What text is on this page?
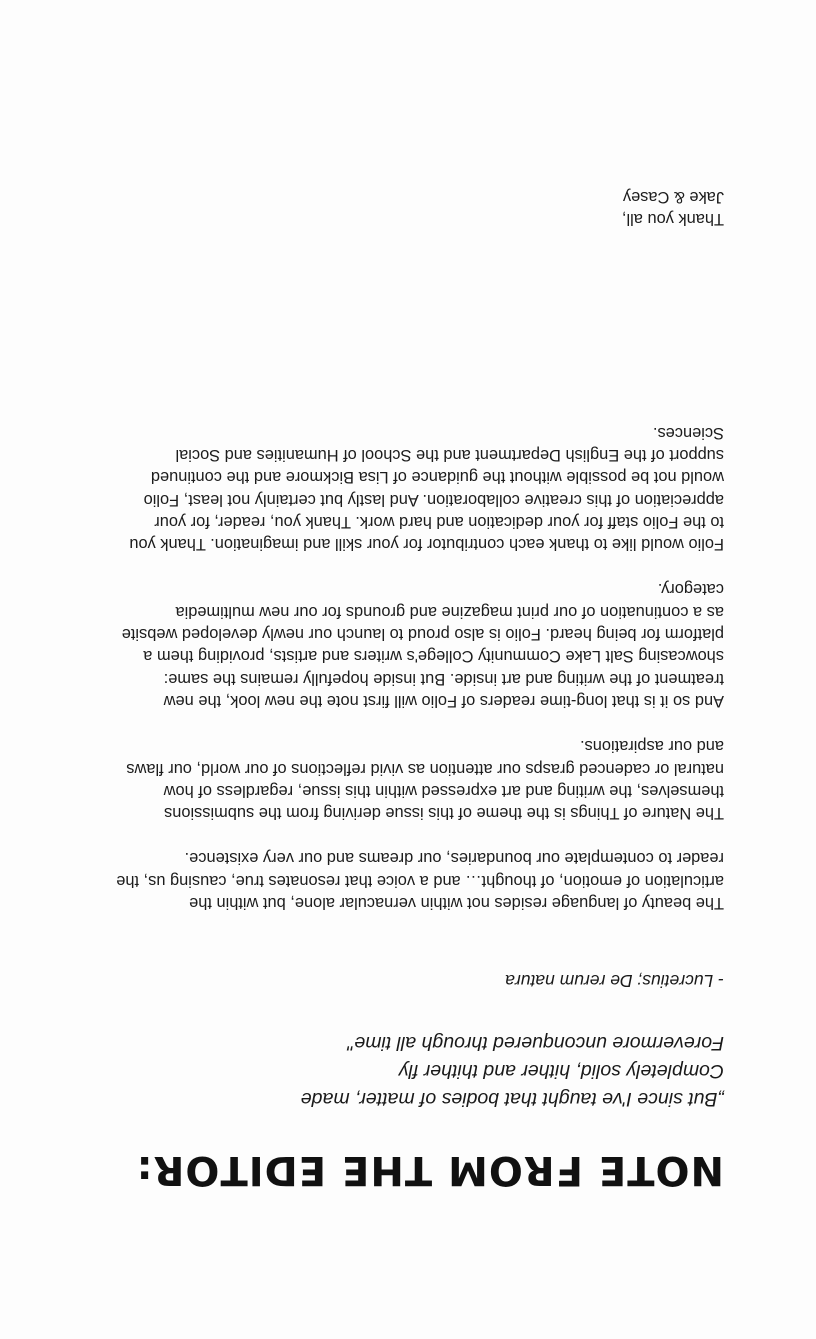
NOTE FROM THE EDITOR:

„But since I've taught that bodies of matter, made

Completely solid, hither and thither fly

Forevermore unconquered through all time"

- Lucretius; De rerum natura

The beauty of language resides not within vernacular alone, but within the articulation of emotion, of thought… and a voice that resonates true, causing us, the reader to contemplate our boundaries, our dreams and our very existence.

The Nature of Things is the theme of this issue deriving from the submissions themselves, the writing and art expressed within this issue, regardless of how natural or cadenced grasps our attention as vivid reflections of our world, our flaws and our aspirations.

And so it is that long-time readers of Folio will first note the new look, the new treatment of the writing and art inside. But inside hopefully remains the same: showcasing Salt Lake Community College's writers and artists, providing them a platform for being heard. Folio is also proud to launch our newly developed website as a continuation of our print magazine and grounds for our new multimedia category.

Folio would like to thank each contributor for your skill and imagination. Thank you to the Folio staff for your dedication and hard work. Thank you, reader, for your appreciation of this creative collaboration. And lastly but certainly not least, Folio would not be possible without the guidance of Lisa Bickmore and the continued support of the English Department and the School of Humanities and Social Sciences.

Thank you all,
Jake & Casey
